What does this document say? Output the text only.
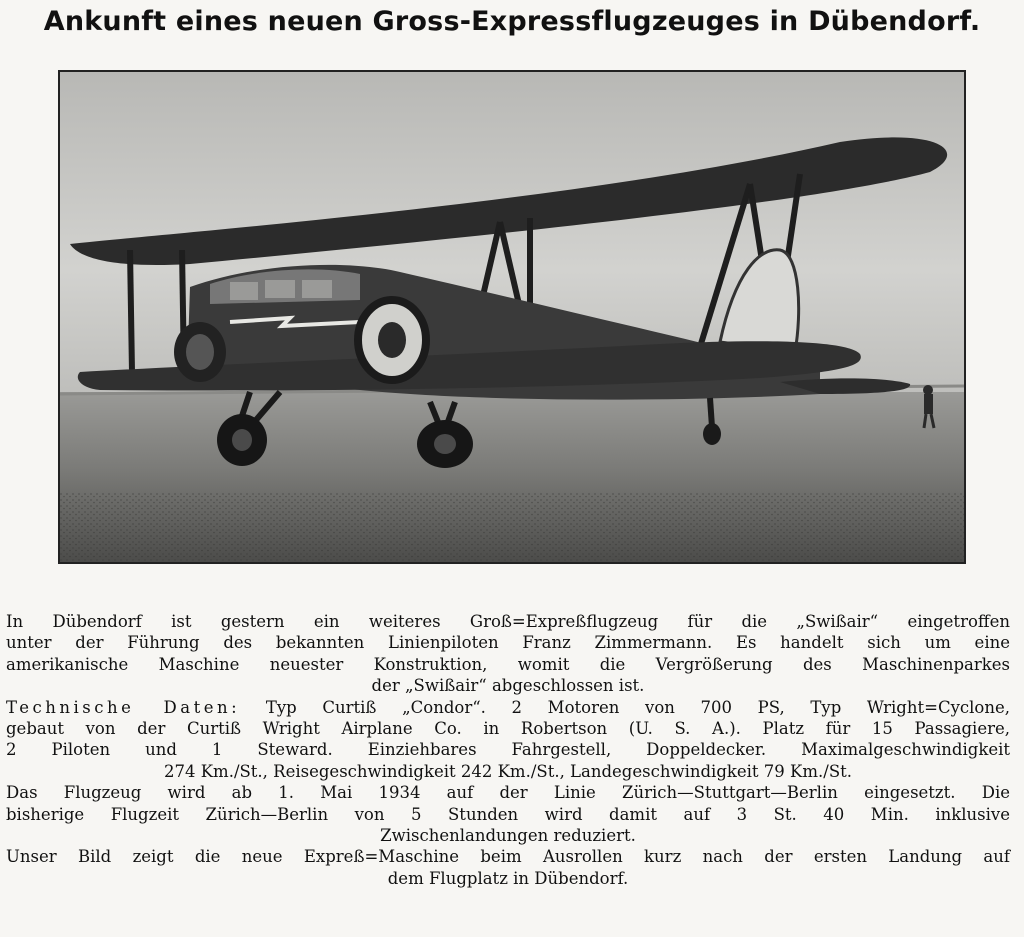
Ankunft eines neuen Gross-Expressflugzeuges in Dübendorf.
In Dübendorf ist gestern ein weiteres Groß=Expreßflugzeug für die „Swißair“ eingetroffen
unter der Führung des bekannten Linienpiloten Franz Zimmermann. Es handelt sich um eine
amerikanische Maschine neuester Konstruktion, womit die Vergrößerung des Maschinenparkes
der „Swißair“ abgeschlossen ist.
Technische Daten: Typ Curtiß „Condor“. 2 Motoren von 700 PS, Typ Wright=Cyclone,
gebaut von der Curtiß Wright Airplane Co. in Robertson (U. S. A.). Platz für 15 Passagiere,
2 Piloten und 1 Steward. Einziehbares Fahrgestell, Doppeldecker. Maximalgeschwindigkeit
274 Km./St., Reisegeschwindigkeit 242 Km./St., Landegeschwindigkeit 79 Km./St.
Das Flugzeug wird ab 1. Mai 1934 auf der Linie Zürich—Stuttgart—Berlin eingesetzt. Die
bisherige Flugzeit Zürich—Berlin von 5 Stunden wird damit auf 3 St. 40 Min. inklusive
Zwischenlandungen reduziert.
Unser Bild zeigt die neue Expreß=Maschine beim Ausrollen kurz nach der ersten Landung auf
dem Flugplatz in Dübendorf.
